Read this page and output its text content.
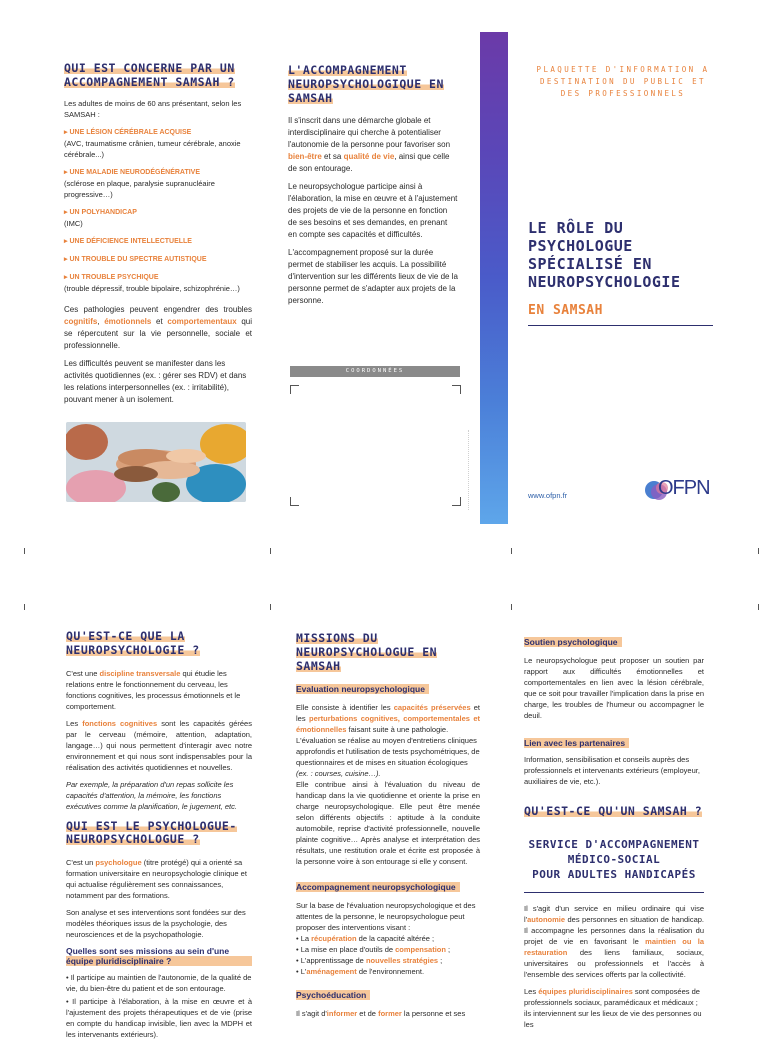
QUI EST CONCERNE PAR UN ACCOMPAGNEMENT SAMSAH ?

Les adultes de moins de 60 ans présentant, selon les SAMSAH :

▸ UNE LÉSION CÉRÉBRALE ACQUISE
(AVC, traumatisme crânien, tumeur cérébrale, anoxie cérébrale...)
▸ UNE MALADIE NEURODÉGÉNÉRATIVE
(sclérose en plaque, paralysie supranucléaire progressive…)
▸ UN POLYHANDICAP
(IMC)
▸ UNE DÉFICIENCE INTELLECTUELLE
▸ UN TROUBLE DU SPECTRE AUTISTIQUE
▸ UN TROUBLE PSYCHIQUE
(trouble dépressif, trouble bipolaire, schizophrénie…)

Ces pathologies peuvent engendrer des troubles cognitifs, émotionnels et comportementaux qui se répercutent sur la vie personnelle, sociale et professionnelle.

Les difficultés peuvent se manifester dans les activités quotidiennes (ex. : gérer ses RDV) et dans les relations interpersonnelles (ex. : irritabilité), pouvant mener à un isolement.

L'ACCOMPAGNEMENT NEUROPSYCHOLOGIQUE EN SAMSAH

Il s'inscrit dans une démarche globale et interdisciplinaire qui cherche à potentialiser l'autonomie de la personne pour favoriser son bien-être et sa qualité de vie, ainsi que celle de son entourage.

Le neuropsychologue participe ainsi à l'élaboration, la mise en œuvre et à l'ajustement des projets de vie de la personne en fonction de ses besoins et ses demandes, en prenant en compte ses capacités et difficultés.

L'accompagnement proposé sur la durée permet de stabiliser les acquis. La possibilité d'intervention sur les différents lieux de vie de la personne permet de s'adapter aux projets de la personne.

COORDONNÉES
PLAQUETTE D'INFORMATION A DESTINATION DU PUBLIC ET DES PROFESSIONNELS
LE RÔLE DU PSYCHOLOGUE SPÉCIALISÉ EN NEUROPSYCHOLOGIE
EN SAMSAH
www.ofpn.fr	OFPN
QU'EST-CE QUE LA NEUROPSYCHOLOGIE ?

C'est une discipline transversale qui étudie les relations entre le fonctionnement du cerveau, les fonctions cognitives, les processus émotionnels et le comportement.

Les fonctions cognitives sont les capacités gérées par le cerveau (mémoire, attention, adaptation, langage…) qui nous permettent d'interagir avec notre environnement et qui nous sont indispensables pour la réalisation des activités quotidiennes et nouvelles.

Par exemple, la préparation d'un repas sollicite les capacités d'attention, la mémoire, les fonctions exécutives comme la planification, le jugement, etc.

QUI EST LE PSYCHOLOGUE-NEUROPSYCHOLOGUE ?

C'est un psychologue (titre protégé) qui a orienté sa formation universitaire en neuropsychologie clinique et qui actualise régulièrement ses connaissances, notamment par des formations.

Son analyse et ses interventions sont fondées sur des modèles théoriques issus de la psychologie, des neurosciences et de la psychopathologie.

Quelles sont ses missions au sein d'une équipe pluridisciplinaire ?

• Il participe au maintien de l'autonomie, de la qualité de vie, du bien-être du patient et de son entourage.

• Il participe à l'élaboration, à la mise en œuvre et à l'ajustement des projets thérapeutiques et de vie (prise en compte du handicap invisible, lien avec la MDPH et les intervenants extérieurs).

MISSIONS DU NEUROPSYCHOLOGUE EN SAMSAH
Evaluation neuropsychologique

Elle consiste à identifier les capacités préservées et les perturbations cognitives, comportementales et émotionnelles faisant suite à une pathologie.

L'évaluation se réalise au moyen d'entretiens cliniques approfondis et l'utilisation de tests psychométriques, de questionnaires et de mises en situation écologiques

(ex. : courses, cuisine…).

Elle contribue ainsi à l'évaluation du niveau de handicap dans la vie quotidienne et oriente la prise en charge neuropsychologique. Elle peut être menée selon différents objectifs : aptitude à la conduite automobile, reprise d'activité professionnelle, nouvelle plainte cognitive… Après analyse et interprétation des résultats, une restitution orale et écrite est proposée à la personne voire à son entourage si elle y consent.

Accompagnement neuropsychologique

Sur la base de l'évaluation neuropsychologique et des attentes de la personne, le neuropsychologue peut proposer des interventions visant :

• La récupération de la capacité altérée ;

• La mise en place d'outils de compensation ;

• L'apprentissage de nouvelles stratégies ;

• L'aménagement de l'environnement.

Psychoéducation

Il s'agit d'informer et de former la personne et ses

Soutien psychologique

Le neuropsychologue peut proposer un soutien par rapport aux difficultés émotionnelles et comportementales en lien avec la lésion cérébrale, que ce soit pour travailler l'implication dans la prise en charge, les troubles de l'humeur ou accompagner le deuil.

Lien avec les partenaires

Information, sensibilisation et conseils auprès des professionnels et intervenants extérieurs (employeur, auxiliaires de vie, etc.).

QU'EST-CE QU'UN SAMSAH ?
SERVICE D'ACCOMPAGNEMENT
MÉDICO-SOCIAL
POUR ADULTES HANDICAPÉS

Il s'agit d'un service en milieu ordinaire qui vise l'autonomie des personnes en situation de handicap. Il accompagne les personnes dans la réalisation du projet de vie en favorisant le maintien ou la restauration des liens familiaux, sociaux, universitaires ou professionnels et l'accès à l'ensemble des services offerts par la collectivité.

Les équipes pluridisciplinaires sont composées de professionnels sociaux, paramédicaux et médicaux ; ils interviennent sur les lieux de vie des personnes ou les
